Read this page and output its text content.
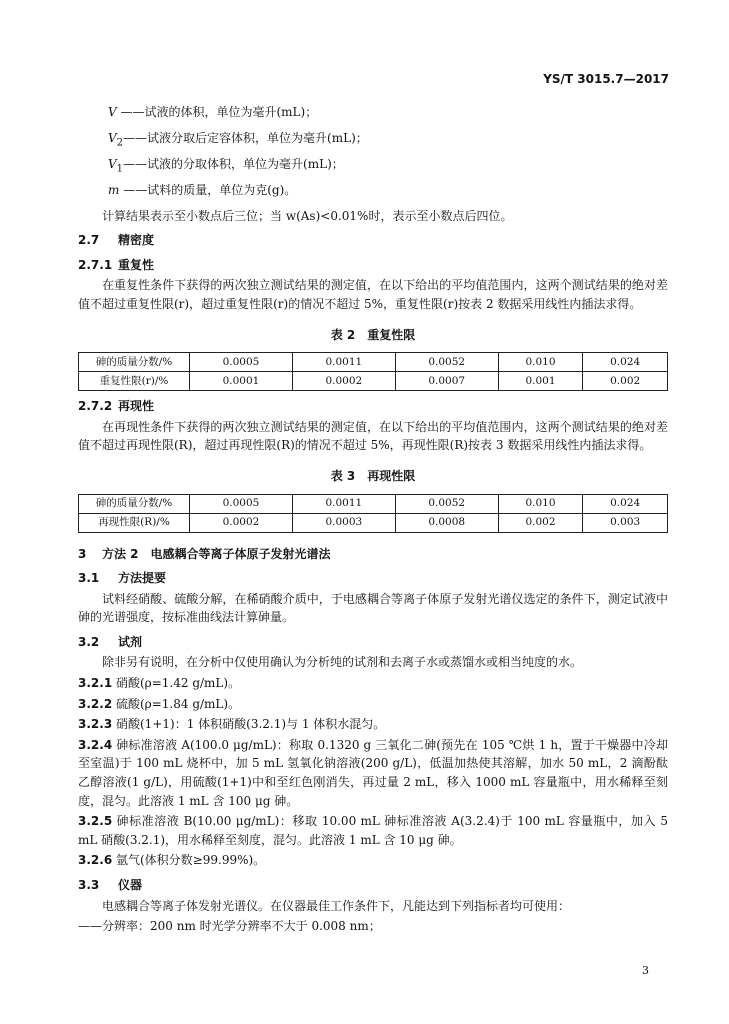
YS/T 3015.7—2017
V ——试液的体积，单位为毫升(mL)；
$V_2——$试液分取后定容体积，单位为毫升(mL)；
$V_1——$试液的分取体积，单位为毫升(mL)；
m ——试料的质量，单位为克(g)。
计算结果表示至小数点后三位；当 w(As)<0.01%时，表示至小数点后四位。
2.7 精密度
2.7.1 重复性
在重复性条件下获得的两次独立测试结果的测定值，在以下给出的平均值范围内，这两个测试结果的绝对差值不超过重复性限(r)，超过重复性限(r)的情况不超过 5%，重复性限(r)按表 2 数据采用线性内插法求得。
表 2　重复性限
砷的质量分数/%	0.0005	0.0011	0.0052	0.010	0.024
重复性限(r)/%	0.0001	0.0002	0.0007	0.001	0.002
2.7.2 再现性
在再现性条件下获得的两次独立测试结果的测定值，在以下给出的平均值范围内，这两个测试结果的绝对差值不超过再现性限(R)，超过再现性限(R)的情况不超过 5%，再现性限(R)按表 3 数据采用线性内插法求得。
表 3　再现性限
砷的质量分数/%	0.0005	0.0011	0.0052	0.010	0.024
再现性限(R)/%	0.0002	0.0003	0.0008	0.002	0.003
3 方法 2　电感耦合等离子体原子发射光谱法
3.1 方法提要
试料经硝酸、硫酸分解，在稀硝酸介质中，于电感耦合等离子体原子发射光谱仪选定的条件下，测定试液中砷的光谱强度，按标准曲线法计算砷量。
3.2 试剂
除非另有说明，在分析中仅使用确认为分析纯的试剂和去离子水或蒸馏水或相当纯度的水。
3.2.1 硝酸(ρ=1.42 g/mL)。
3.2.2 硫酸(ρ=1.84 g/mL)。
3.2.3 硝酸(1+1)：1 体积硝酸(3.2.1)与 1 体积水混匀。
3.2.4 砷标准溶液 A(100.0 μg/mL)：称取 0.1320 g 三氧化二砷(预先在 105 ℃烘 1 h，置于干燥器中冷却至室温)于 100 mL 烧杯中，加 5 mL 氢氧化钠溶液(200 g/L)，低温加热使其溶解，加水 50 mL，2 滴酚酞乙醇溶液(1 g/L)，用硫酸(1+1)中和至红色刚消失，再过量 2 mL，移入 1000 mL 容量瓶中，用水稀释至刻度，混匀。此溶液 1 mL 含 100 μg 砷。
3.2.5 砷标准溶液 B(10.00 μg/mL)：移取 10.00 mL 砷标准溶液 A(3.2.4)于 100 mL 容量瓶中，加入 5 mL 硝酸(3.2.1)，用水稀释至刻度，混匀。此溶液 1 mL 含 10 μg 砷。
3.2.6 氩气(体积分数≥99.99%)。
3.3 仪器
电感耦合等离子体发射光谱仪。在仪器最佳工作条件下，凡能达到下列指标者均可使用：
——分辨率：200 nm 时光学分辨率不大于 0.008 nm；
3
